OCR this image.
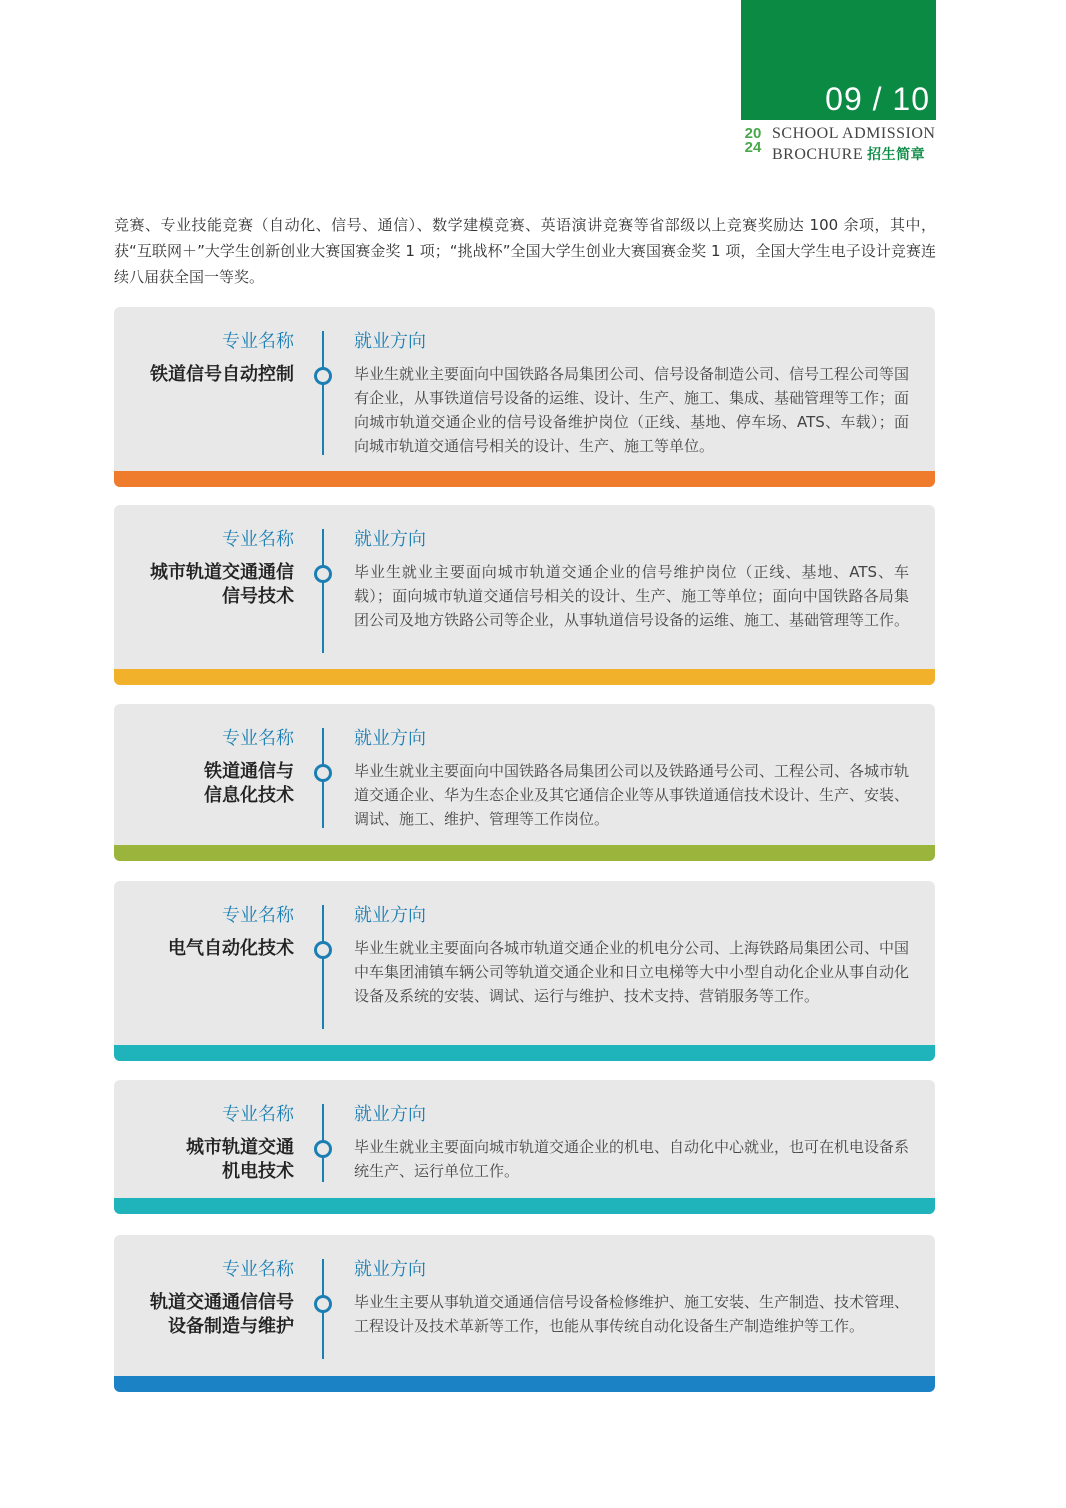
09 / 10
20
24
SCHOOL ADMISSION
BROCHURE 招生简章
竞赛、专业技能竞赛（自动化、信号、通信）、数学建模竞赛、英语演讲竞赛等省部级以上竞赛奖励达 100 余项，其中，获“互联网＋”大学生创新创业大赛国赛金奖 1 项；“挑战杯”全国大学生创业大赛国赛金奖 1 项，全国大学生电子设计竞赛连续八届获全国一等奖。
专业名称
铁道信号自动控制
就业方向
毕业生就业主要面向中国铁路各局集团公司、信号设备制造公司、信号工程公司等国有企业，从事铁道信号设备的运维、设计、生产、施工、集成、基础管理等工作；面向城市轨道交通企业的信号设备维护岗位（正线、基地、停车场、ATS、车载）；面向城市轨道交通信号相关的设计、生产、施工等单位。
专业名称
城市轨道交通通信
信号技术
就业方向
毕业生就业主要面向城市轨道交通企业的信号维护岗位（正线、基地、ATS、车载）；面向城市轨道交通信号相关的设计、生产、施工等单位；面向中国铁路各局集团公司及地方铁路公司等企业，从事轨道信号设备的运维、施工、基础管理等工作。
专业名称
铁道通信与
信息化技术
就业方向
毕业生就业主要面向中国铁路各局集团公司以及铁路通号公司、工程公司、各城市轨道交通企业、华为生态企业及其它通信企业等从事铁道通信技术设计、生产、安装、调试、施工、维护、管理等工作岗位。
专业名称
电气自动化技术
就业方向
毕业生就业主要面向各城市轨道交通企业的机电分公司、上海铁路局集团公司、中国中车集团浦镇车辆公司等轨道交通企业和日立电梯等大中小型自动化企业从事自动化设备及系统的安装、调试、运行与维护、技术支持、营销服务等工作。
专业名称
城市轨道交通
机电技术
就业方向
毕业生就业主要面向城市轨道交通企业的机电、自动化中心就业，也可在机电设备系统生产、运行单位工作。
专业名称
轨道交通通信信号
设备制造与维护
就业方向
毕业生主要从事轨道交通通信信号设备检修维护、施工安装、生产制造、技术管理、工程设计及技术革新等工作，也能从事传统自动化设备生产制造维护等工作。
